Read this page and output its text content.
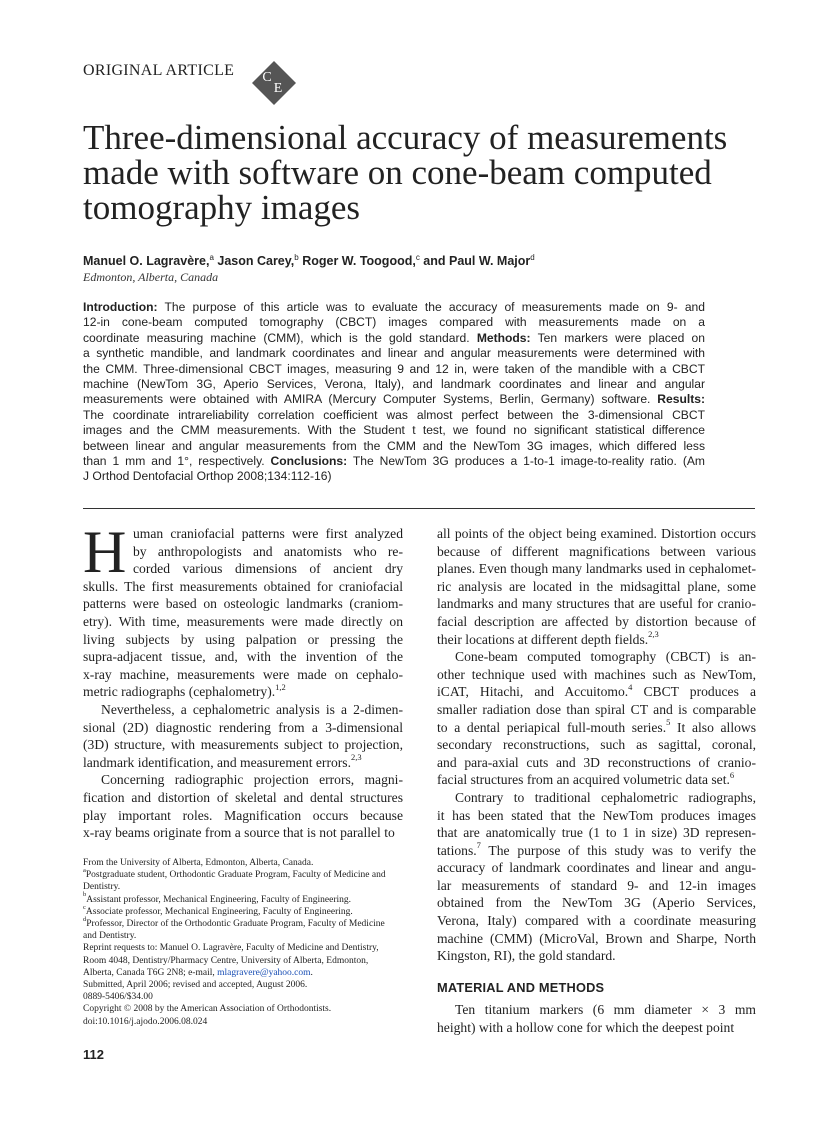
ORIGINAL ARTICLE C
E
Three-dimensional accuracy of measurements
made with software on cone-beam computed
tomography images
Manuel O. Lagravère,$^a$ Jason Carey,$^b$ Roger W. Toogood,$^c$ and Paul W. Major$^d$
Edmonton, Alberta, Canada
Introduction: The purpose of this article was to evaluate the accuracy of measurements made on 9- and
12-in cone-beam computed tomography (CBCT) images compared with measurements made on a
coordinate measuring machine (CMM), which is the gold standard. Methods: Ten markers were placed on
a synthetic mandible, and landmark coordinates and linear and angular measurements were determined with
the CMM. Three-dimensional CBCT images, measuring 9 and 12 in, were taken of the mandible with a CBCT
machine (NewTom 3G, Aperio Services, Verona, Italy), and landmark coordinates and linear and angular
measurements were obtained with AMIRA (Mercury Computer Systems, Berlin, Germany) software. Results:
The coordinate intrareliability correlation coefficient was almost perfect between the 3-dimensional CBCT
images and the CMM measurements. With the Student t test, we found no significant statistical difference
between linear and angular measurements from the CMM and the NewTom 3G images, which differed less
than 1 mm and 1°, respectively. Conclusions: The NewTom 3G produces a 1-to-1 image-to-reality ratio. (Am
J Orthod Dentofacial Orthop 2008;134:112-16)
H uman craniofacial patterns were first analyzed
by anthropologists and anatomists who re-
corded various dimensions of ancient dry
skulls. The first measurements obtained for craniofacial
patterns were based on osteologic landmarks (craniom-
etry). With time, measurements were made directly on
living subjects by using palpation or pressing the
supra-adjacent tissue, and, with the invention of the
x-ray machine, measurements were made on cephalo-
metric radiographs (cephalometry).$^{1,2}$
Nevertheless, a cephalometric analysis is a 2-dimen-
sional (2D) diagnostic rendering from a 3-dimensional
(3D) structure, with measurements subject to projection,
landmark identification, and measurement errors.$^{2,3}$
Concerning radiographic projection errors, magni-
fication and distortion of skeletal and dental structures
play important roles. Magnification occurs because
x-ray beams originate from a source that is not parallel to
all points of the object being examined. Distortion occurs
because of different magnifications between various
planes. Even though many landmarks used in cephalomet-
ric analysis are located in the midsagittal plane, some
landmarks and many structures that are useful for cranio-
facial description are affected by distortion because of
their locations at different depth fields.$^{2,3}$
Cone-beam computed tomography (CBCT) is an-
other technique used with machines such as NewTom,
iCAT, Hitachi, and Accuitomo.$^4$ CBCT produces a
smaller radiation dose than spiral CT and is comparable
to a dental periapical full-mouth series.$^5$ It also allows
secondary reconstructions, such as sagittal, coronal,
and para-axial cuts and 3D reconstructions of cranio-
facial structures from an acquired volumetric data set.$^6$
Contrary to traditional cephalometric radiographs,
it has been stated that the NewTom produces images
that are anatomically true (1 to 1 in size) 3D represen-
tations.$^7$ The purpose of this study was to verify the
accuracy of landmark coordinates and linear and angu-
lar measurements of standard 9- and 12-in images
obtained from the NewTom 3G (Aperio Services,
Verona, Italy) compared with a coordinate measuring
machine (CMM) (MicroVal, Brown and Sharpe, North
Kingston, RI), the gold standard.
From the University of Alberta, Edmonton, Alberta, Canada.
$^a$Postgraduate student, Orthodontic Graduate Program, Faculty of Medicine and
Dentistry.
$^b$Assistant professor, Mechanical Engineering, Faculty of Engineering.
$^c$Associate professor, Mechanical Engineering, Faculty of Engineering.
$^d$Professor, Director of the Orthodontic Graduate Program, Faculty of Medicine
and Dentistry.
Reprint requests to: Manuel O. Lagravère, Faculty of Medicine and Dentistry,
Room 4048, Dentistry/Pharmacy Centre, University of Alberta, Edmonton,
Alberta, Canada T6G 2N8; e-mail, mlagravere@yahoo.com.
Submitted, April 2006; revised and accepted, August 2006.
0889-5406/$34.00
Copyright © 2008 by the American Association of Orthodontists.
doi:10.1016/j.ajodo.2006.08.024
MATERIAL AND METHODS
Ten titanium markers (6 mm diameter × 3 mm
height) with a hollow cone for which the deepest point
112
